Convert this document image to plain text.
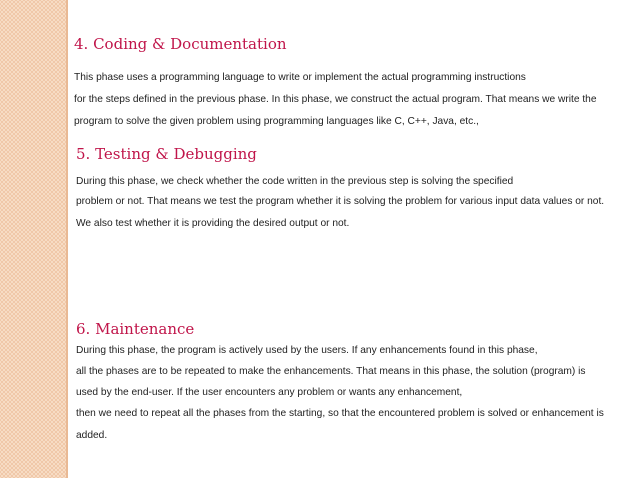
4. Coding & Documentation

This phase uses a programming language to write or implement the actual programming instructions

for the steps defined in the previous phase. In this phase, we construct the actual program. That means we write the

program to solve the given problem using programming languages like C, C++, Java, etc.,

5. Testing & Debugging

During this phase, we check whether the code written in the previous step is solving the specified

problem or not. That means we test the program whether it is solving the problem for various input data values or not.

We also test whether it is providing the desired output or not.

6. Maintenance

During this phase, the program is actively used by the users. If any enhancements found in this phase,

all the phases are to be repeated to make the enhancements. That means in this phase, the solution (program) is

used by the end-user. If the user encounters any problem or wants any enhancement,

then we need to repeat all the phases from the starting, so that the encountered problem is solved or enhancement is

added.
